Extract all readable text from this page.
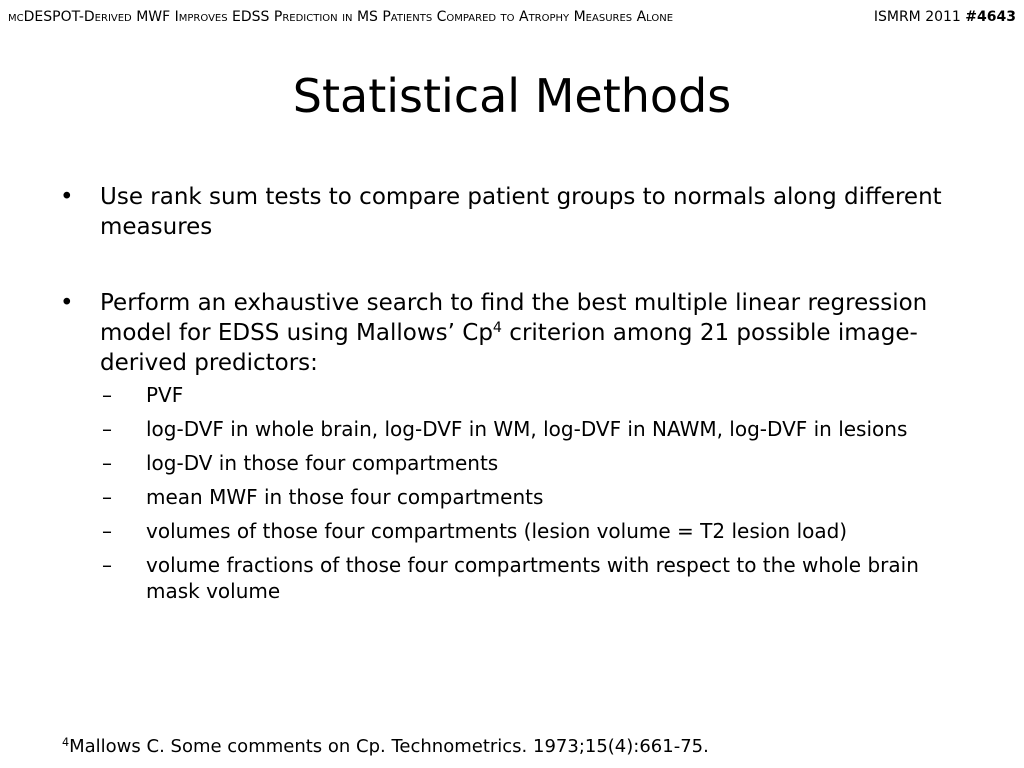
mcDESPOT-Derived MWF Improves EDSS Prediction in MS Patients Compared to Atrophy Measures Alone	ISMRM 2011 #4643
Statistical Methods
• Use rank sum tests to compare patient groups to normals along different measures
• Perform an exhaustive search to find the best multiple linear regression model for EDSS using Mallows’ Cp$^4$ criterion among 21 possible image-derived predictors:
– PVF
– log-DVF in whole brain, log-DVF in WM, log-DVF in NAWM, log-DVF in lesions
– log-DV in those four compartments
– mean MWF in those four compartments
– volumes of those four compartments (lesion volume = T2 lesion load)
– volume fractions of those four compartments with respect to the whole brain mask volume
$^4$Mallows C. Some comments on Cp. Technometrics. 1973;15(4):661-75.
